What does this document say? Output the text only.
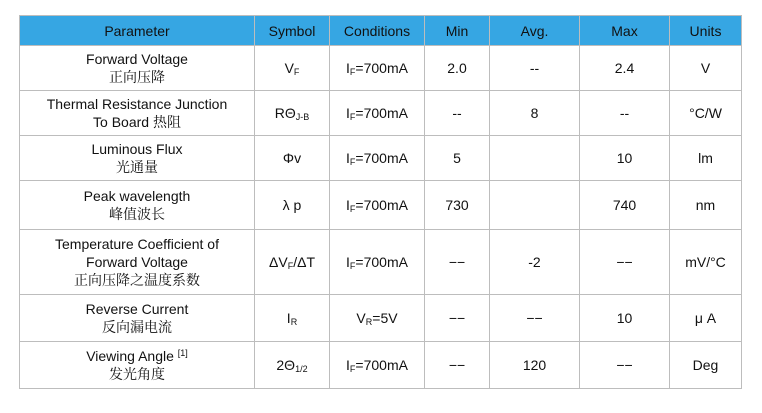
Parameter	Symbol	Conditions	Min	Avg.	Max	Units

Forward Voltage
正向压降	$V_F$	$I_F=700mA$	2.0	--	2.4	V

Thermal Resistance Junction
To Board 热阻	$R\Theta_{J-B}$	$I_F=700mA$	--	8	--	°C/W

Luminous Flux
光通量	Φv	$I_F=700mA$	5		10	lm

Peak wavelength
峰值波长	λ p	$I_F=700mA$	730		740	nm

Temperature Coefficient of
Forward Voltage
正向压降之温度系数	$\Delta V_F/\Delta T$	$I_F=700mA$	−−	-2	−−	mV/°C

Reverse Current
反向漏电流	$I_R$	$V_R=5V$	−−	−−	10	μ A

Viewing Angle [1]
发光角度	$2\Theta_{1/2}$	$I_F=700mA$	−−	120	−−	Deg
